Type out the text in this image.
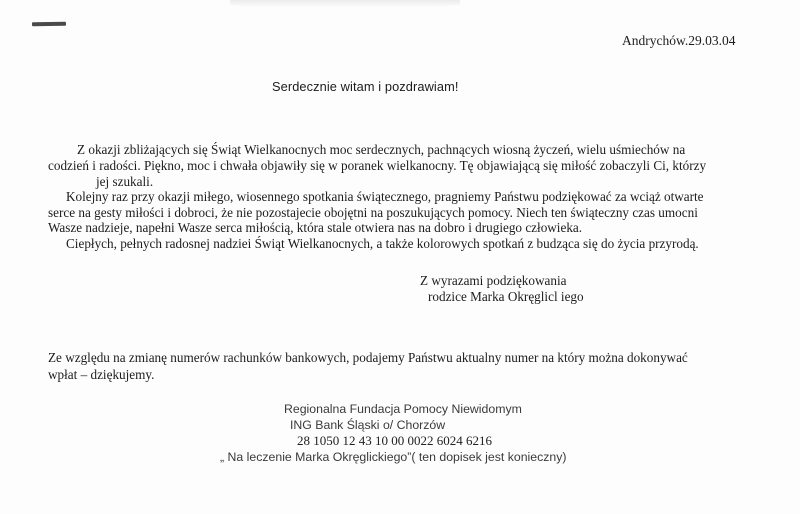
Andrychów.29.03.04
Serdecznie witam i pozdrawiam!
Z okazji zbliżających się Świąt Wielkanocnych moc serdecznych, pachnących wiosną życzeń, wielu uśmiechów na
codzień i radości. Pięknо, moc i chwała objawiły się w poranek wielkanocny. Tę objawiającą się miłość zobaczyli Ci, którzy
jej szukali.
Kolejny raz przy okazji miłego, wiosennego spotkania świątecznego, pragniemy Państwu podziękować za wciąż otwarte
serce na gesty miłości i dobroci, że nie pozostajecie obojętni na poszukujących pomocy. Niech ten świąteczny czas umocni
Wasze nadzieje, napełni Wasze serca miłością, która stale otwiera nas na dobro i drugiego człowieka.
Ciepłych, pełnych radosnej nadziei Świąt Wielkanocnych, a także kolorowych spotkań z budząca się do życia przyrodą.
Z wyrazami podziękowania
rodzice Marka Okręglicl iego
Ze względu na zmianę numerów rachunków bankowych, podajemy Państwu aktualny numer na który można dokonywać
wpłat – dziękujemy.
Regionalna Fundacja Pomocy Niewidomym
ING Bank Śląski o/ Chorzów
28 1050 12 43 10 00 0022 6024 6216
„ Na leczenie Marka Okręglickiego”( ten dopisek jest konieczny)
